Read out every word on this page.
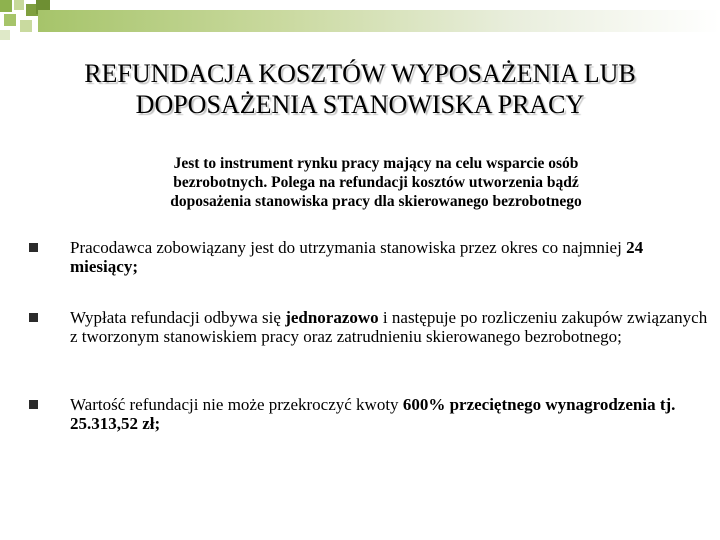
REFUNDACJA KOSZTÓW WYPOSAŻENIA LUB
DOPOSAŻENIA STANOWISKA PRACY
Jest to instrument rynku pracy mający na celu wsparcie osób
bezrobotnych. Polega na refundacji kosztów utworzenia bądź
doposażenia stanowiska pracy dla skierowanego bezrobotnego
Pracodawca zobowiązany jest do utrzymania stanowiska przez okres co najmniej 24 miesiący;
Wypłata refundacji odbywa się jednorazowo i następuje po rozliczeniu zakupów związanych z tworzonym stanowiskiem pracy oraz zatrudnieniu skierowanego bezrobotnego;
Wartość refundacji nie może przekroczyć kwoty 600% przeciętnego wynagrodzenia tj. 25.313,52 zł;
